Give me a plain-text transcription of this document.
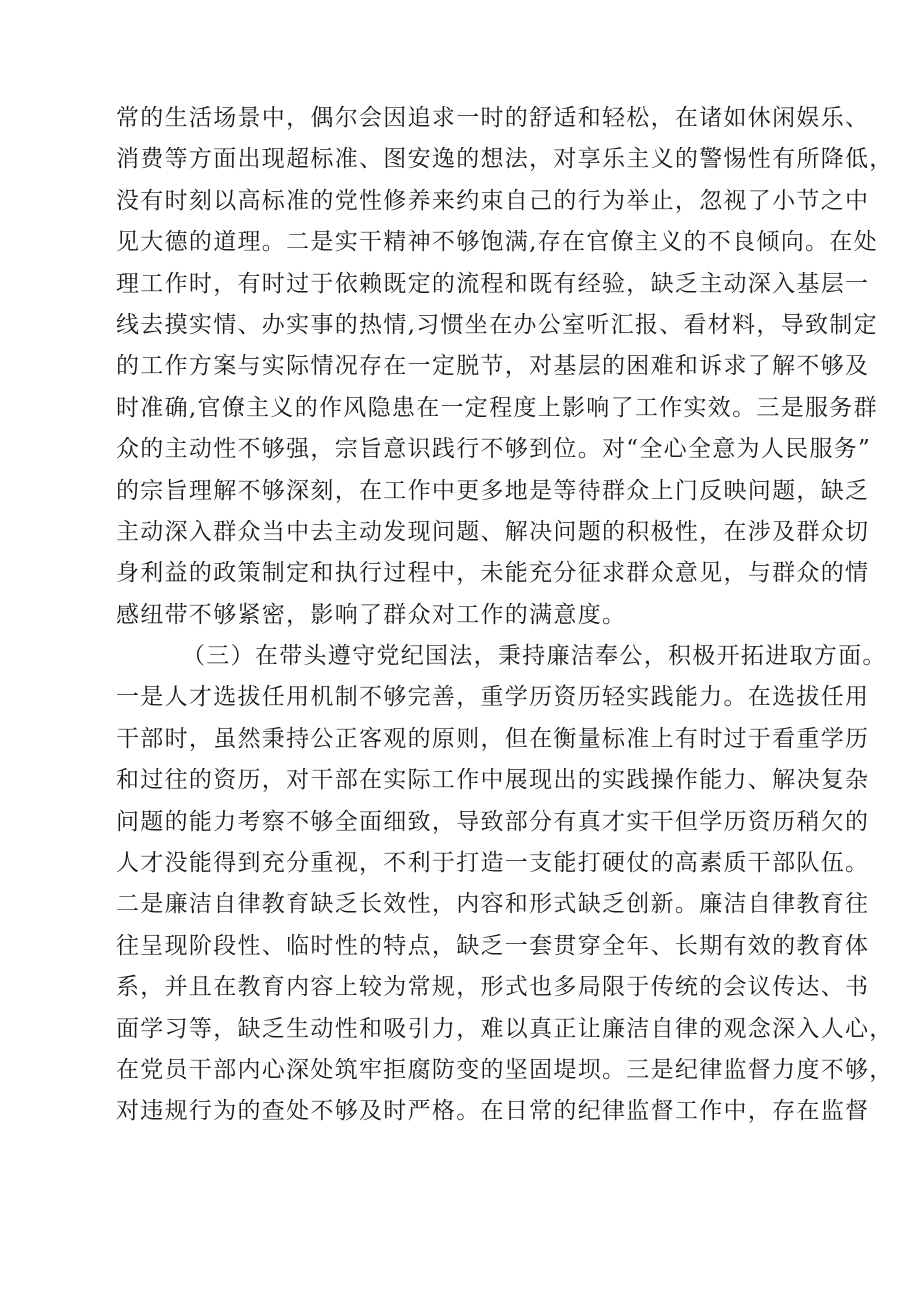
常的生活场景中，偶尔会因追求一时的舒适和轻松，在诸如休闲娱乐、
消费等方面出现超标准、图安逸的想法，对享乐主义的警惕性有所降低，
没有时刻以高标准的党性修养来约束自己的行为举止，忽视了小节之中
见大德的道理。二是实干精神不够饱满,存在官僚主义的不良倾向。在处
理工作时，有时过于依赖既定的流程和既有经验，缺乏主动深入基层一
线去摸实情、办实事的热情,习惯坐在办公室听汇报、看材料，导致制定
的工作方案与实际情况存在一定脱节，对基层的困难和诉求了解不够及
时准确,官僚主义的作风隐患在一定程度上影响了工作实效。三是服务群
众的主动性不够强，宗旨意识践行不够到位。对“全心全意为人民服务”
的宗旨理解不够深刻，在工作中更多地是等待群众上门反映问题，缺乏
主动深入群众当中去主动发现问题、解决问题的积极性，在涉及群众切
身利益的政策制定和执行过程中，未能充分征求群众意见，与群众的情
感纽带不够紧密，影响了群众对工作的满意度。
（三）在带头遵守党纪国法，秉持廉洁奉公，积极开拓进取方面。
一是人才选拔任用机制不够完善，重学历资历轻实践能力。在选拔任用
干部时，虽然秉持公正客观的原则，但在衡量标准上有时过于看重学历
和过往的资历，对干部在实际工作中展现出的实践操作能力、解决复杂
问题的能力考察不够全面细致，导致部分有真才实干但学历资历稍欠的
人才没能得到充分重视，不利于打造一支能打硬仗的高素质干部队伍。
二是廉洁自律教育缺乏长效性，内容和形式缺乏创新。廉洁自律教育往
往呈现阶段性、临时性的特点，缺乏一套贯穿全年、长期有效的教育体
系，并且在教育内容上较为常规，形式也多局限于传统的会议传达、书
面学习等，缺乏生动性和吸引力，难以真正让廉洁自律的观念深入人心，
在党员干部内心深处筑牢拒腐防变的坚固堤坝。三是纪律监督力度不够，
对违规行为的查处不够及时严格。在日常的纪律监督工作中，存在监督
